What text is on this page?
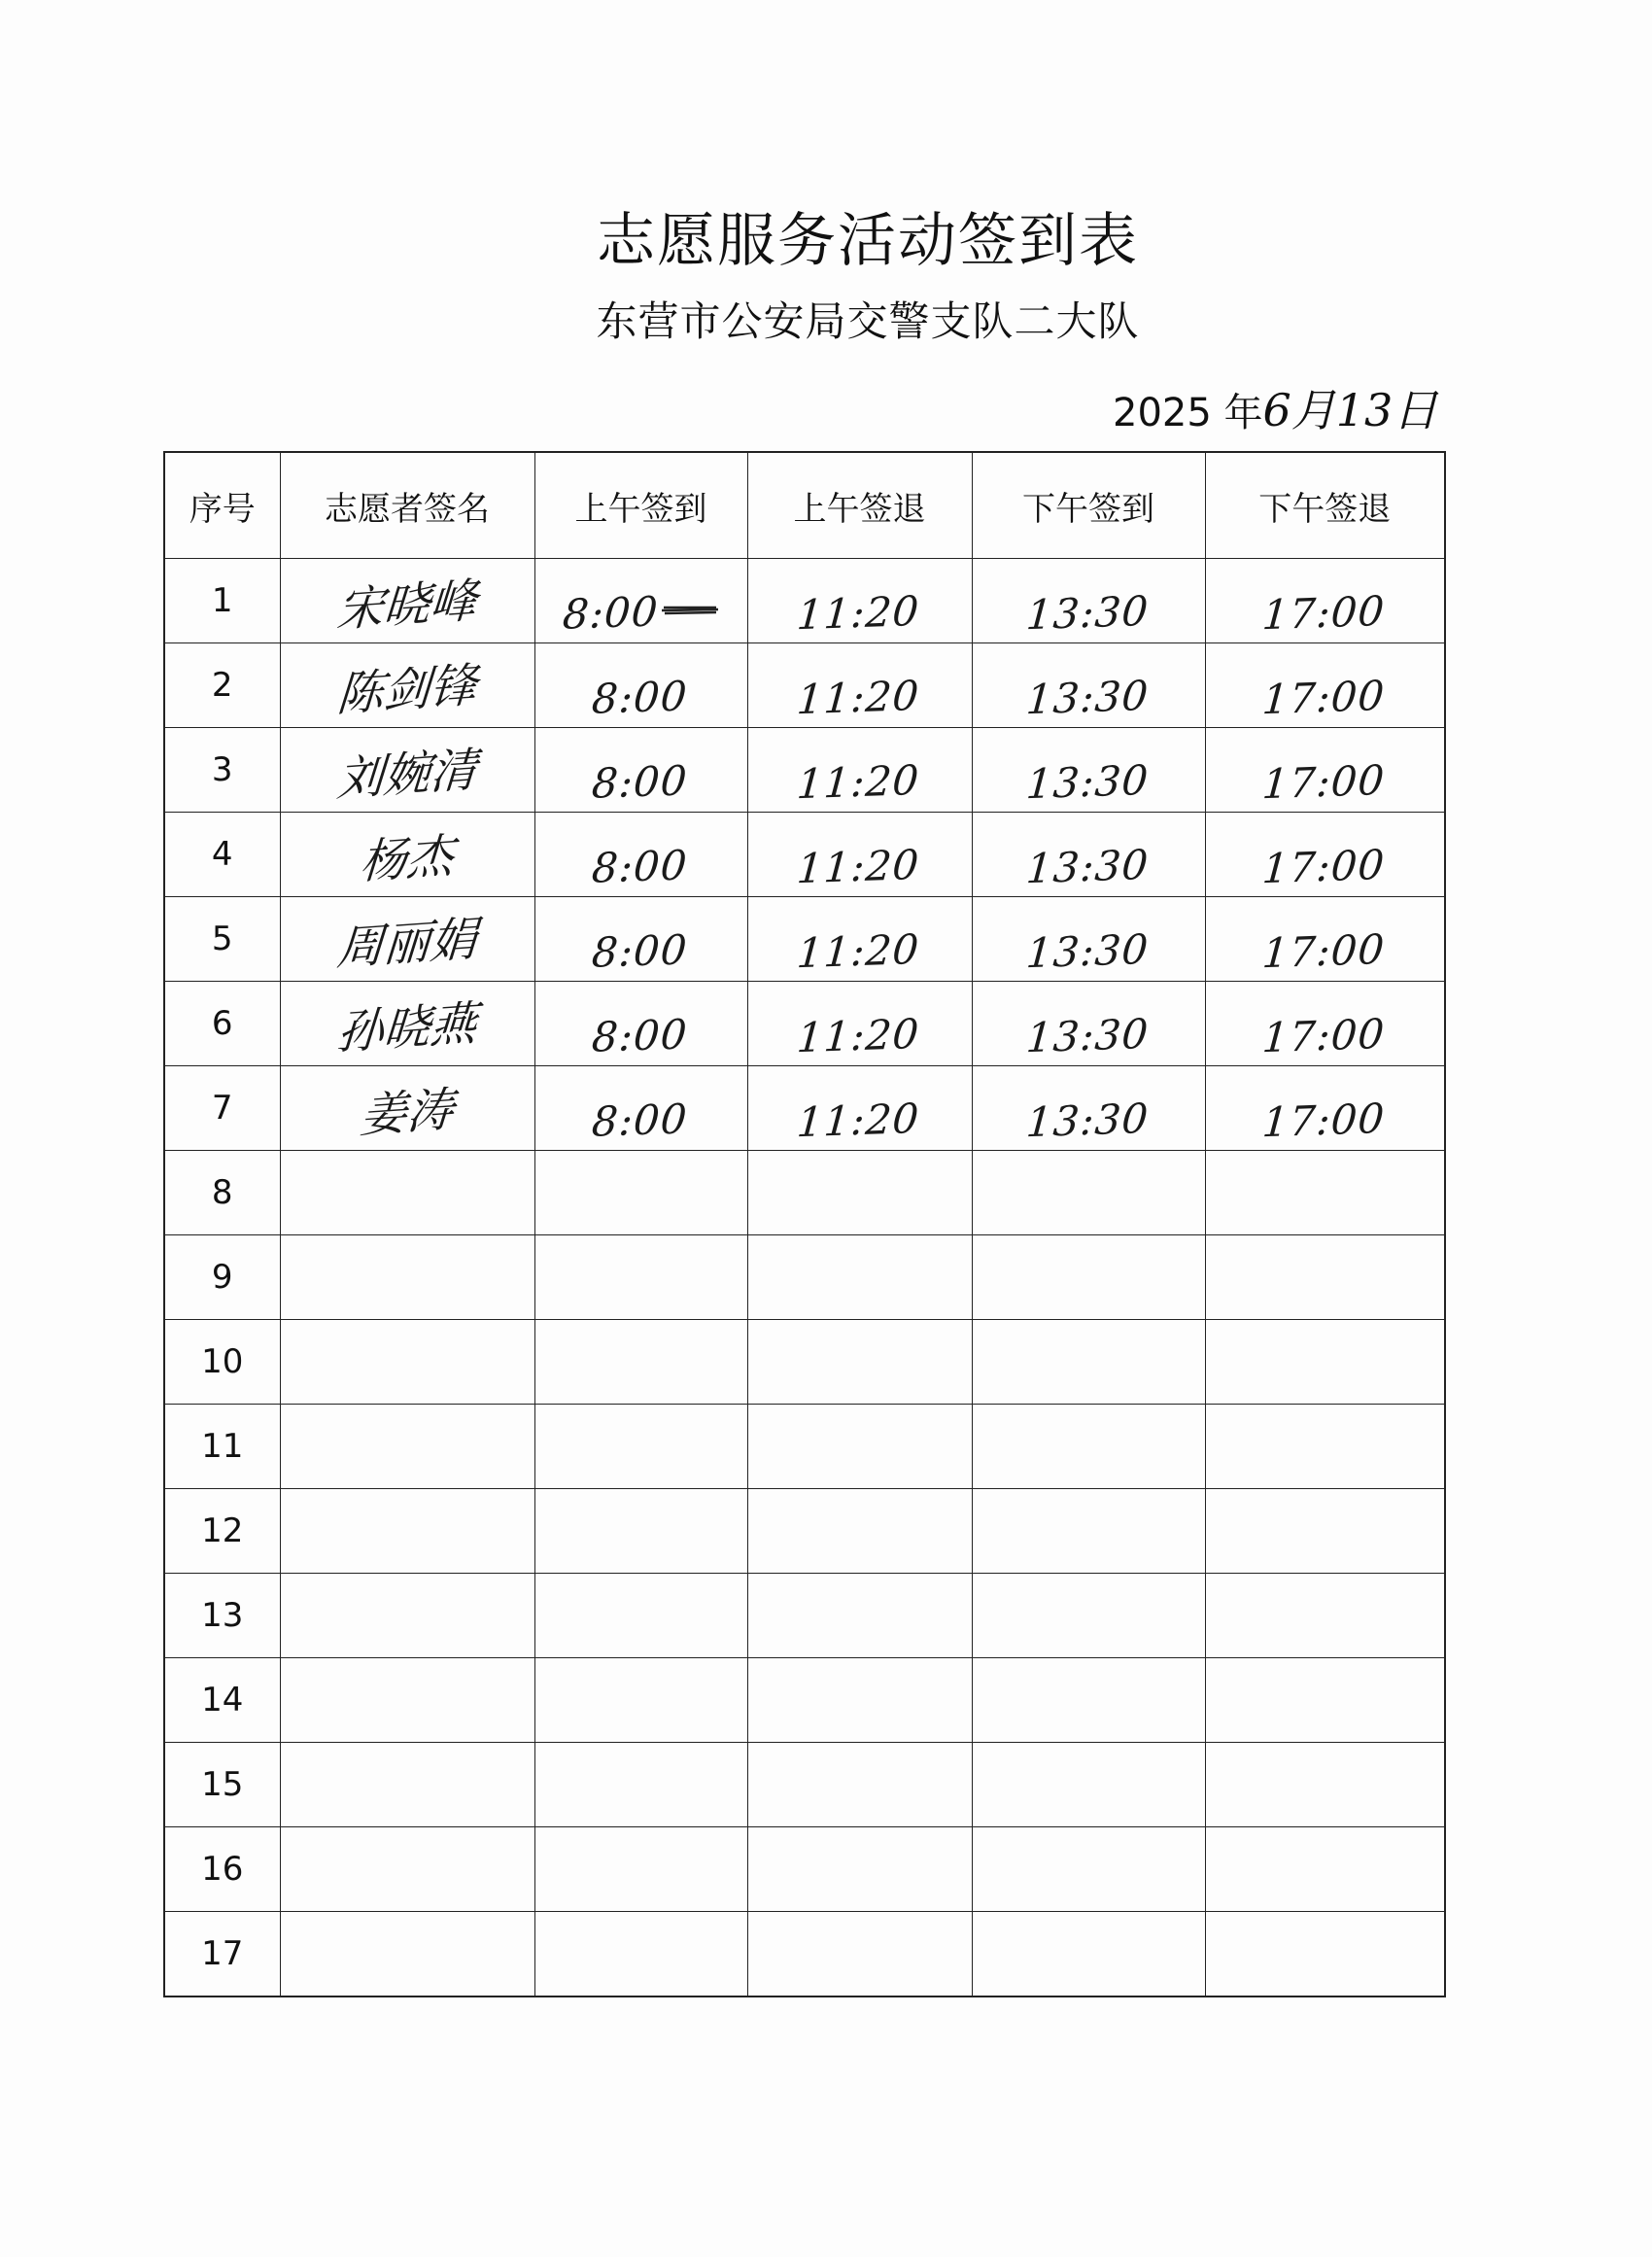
志愿服务活动签到表
东营市公安局交警支队二大队
2025 年6月13日
序号	志愿者签名	上午签到	上午签退	下午签到	下午签退
1	宋晓峰	8:00	11:20	13:30	17:00
2	陈剑锋	8:00	11:20	13:30	17:00
3	刘婉清	8:00	11:20	13:30	17:00
4	杨杰	8:00	11:20	13:30	17:00
5	周丽娟	8:00	11:20	13:30	17:00
6	孙晓燕	8:00	11:20	13:30	17:00
7	姜涛	8:00	11:20	13:30	17:00
8					
9					
10					
11					
12					
13					
14					
15					
16					
17					
